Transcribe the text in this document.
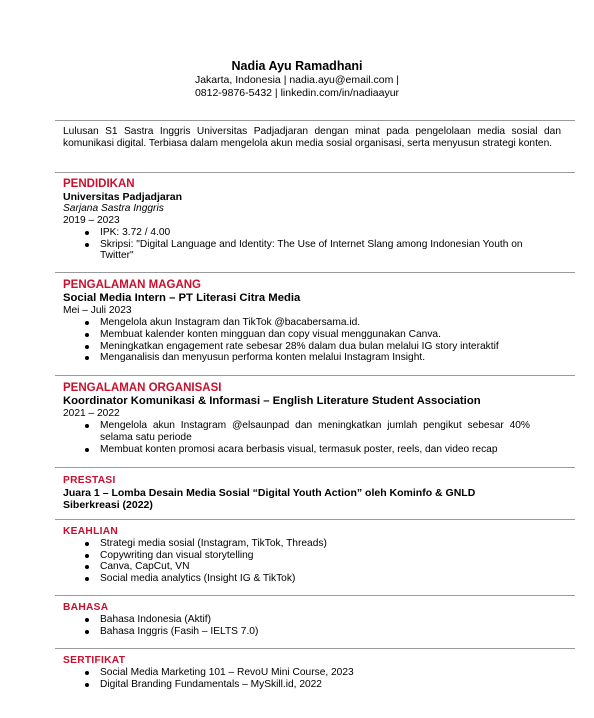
Nadia Ayu Ramadhani
Jakarta, Indonesia | nadia.ayu@email.com |
0812-9876-5432 | linkedin.com/in/nadiaayur
Lulusan S1 Sastra Inggris Universitas Padjadjaran dengan minat pada pengelolaan media sosial dan komunikasi digital. Terbiasa dalam mengelola akun media sosial organisasi, serta menyusun strategi konten.
PENDIDIKAN
Universitas Padjadjaran
Sarjana Sastra Inggris
2019 – 2023
IPK: 3.72 / 4.00
Skripsi: "Digital Language and Identity: The Use of Internet Slang among Indonesian Youth on Twitter"
PENGALAMAN MAGANG
Social Media Intern – PT Literasi Citra Media
Mei – Juli 2023
Mengelola akun Instagram dan TikTok @bacabersama.id.
Membuat kalender konten mingguan dan copy visual menggunakan Canva.
Meningkatkan engagement rate sebesar 28% dalam dua bulan melalui IG story interaktif
Menganalisis dan menyusun performa konten melalui Instagram Insight.
PENGALAMAN ORGANISASI
Koordinator Komunikasi & Informasi – English Literature Student Association
2021 – 2022
Mengelola akun Instagram @elsaunpad dan meningkatkan jumlah pengikut sebesar 40% selama satu periode
Membuat konten promosi acara berbasis visual, termasuk poster, reels, dan video recap
PRESTASI
Juara 1 – Lomba Desain Media Sosial “Digital Youth Action” oleh Kominfo & GNLD Siberkreasi (2022)
KEAHLIAN
Strategi media sosial (Instagram, TikTok, Threads)
Copywriting dan visual storytelling
Canva, CapCut, VN
Social media analytics (Insight IG & TikTok)
BAHASA
Bahasa Indonesia (Aktif)
Bahasa Inggris (Fasih – IELTS 7.0)
SERTIFIKAT
Social Media Marketing 101 – RevoU Mini Course, 2023
Digital Branding Fundamentals – MySkill.id, 2022
